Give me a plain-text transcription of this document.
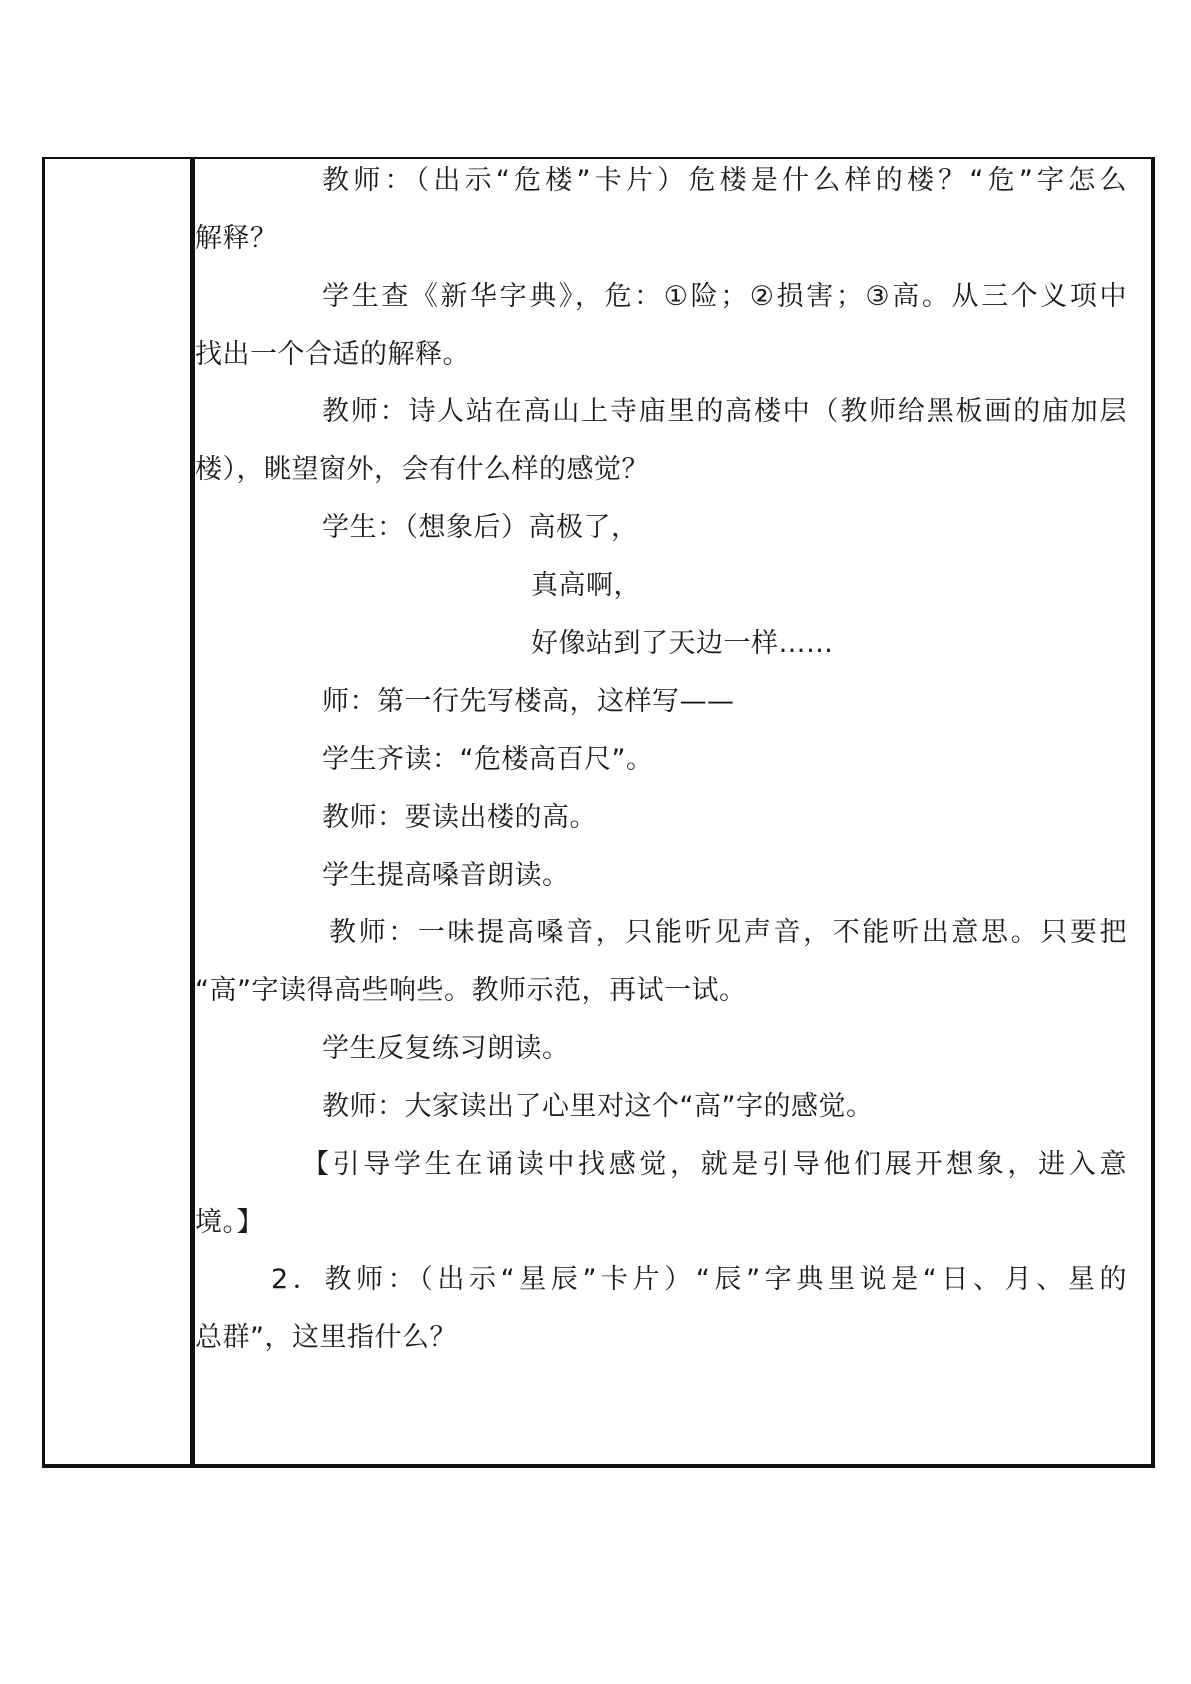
教师：（出示“危楼”卡片）危楼是什么样的楼？“危”字怎么
解释？
学生查《新华字典》，危：①险；②损害；③高。从三个义项中
找出一个合适的解释。
教师：诗人站在高山上寺庙里的高楼中（教师给黑板画的庙加层
楼），眺望窗外，会有什么样的感觉？
学生：（想象后）高极了，
真高啊，
好像站到了天边一样……
师：第一行先写楼高，这样写——
学生齐读：“危楼高百尺”。
教师：要读出楼的高。
学生提高嗓音朗读。
教师：一味提高嗓音，只能听见声音，不能听出意思。只要把
“高”字读得高些响些。教师示范，再试一试。
学生反复练习朗读。
教师：大家读出了心里对这个“高”字的感觉。
【引导学生在诵读中找感觉，就是引导他们展开想象，进入意
境。】
2．教师：（出示“星辰”卡片）“辰”字典里说是“日、月、星的
总群”，这里指什么？
